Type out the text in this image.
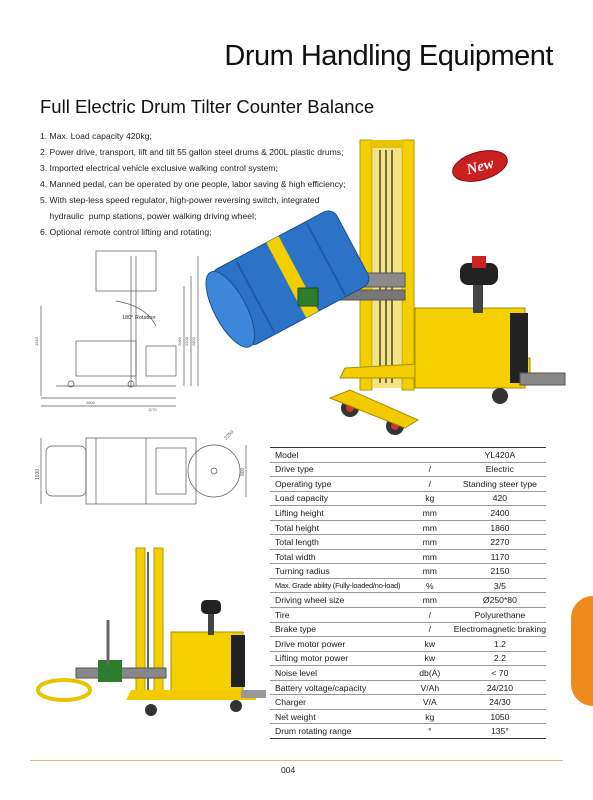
Drum Handling Equipment
Full Electric Drum Tilter Counter Balance
1. Max. Load capacity 420kg;
2. Power drive, transport, lift and tilt 55 gallon steel drums & 200L plastic drums;
3. Imported electrical vehicle exclusive walking control system;
4. Manned pedal, can be operated by one people, labor saving & high efficiency;
5. With step-less speed regulator, high-power reversing switch, integrated
hydraulic  pump stations, power walking driving wheel;
6. Optional remote control lifting and rotating;
New
180° Rotation
1910	2060 2200 2800
1170
2800
1030	900
2250
Model		YL420A
Drive type	/	Electric
Operating type	/	Standing steer type
Load capacity	kg	420
Lifting height	mm	2400
Total height	mm	1860
Total length	mm	2270
Total width	mm	1170
Turning radius	mm	2150
Max. Grade ability (Fully-loaded/no-load)	%	3/5
Driving wheel size	mm	Ø250*80
Tire	/	Polyurethane
Brake type	/	Electromagnetic braking
Drive motor power	kw	1.2
Lifting motor power	kw	2.2
Noise level	db(A)	< 70
Battery voltage/capacity	V/Ah	24/210
Charger	V/A	24/30
Net weight	kg	1050
Drum rotating range	°	135°
004
